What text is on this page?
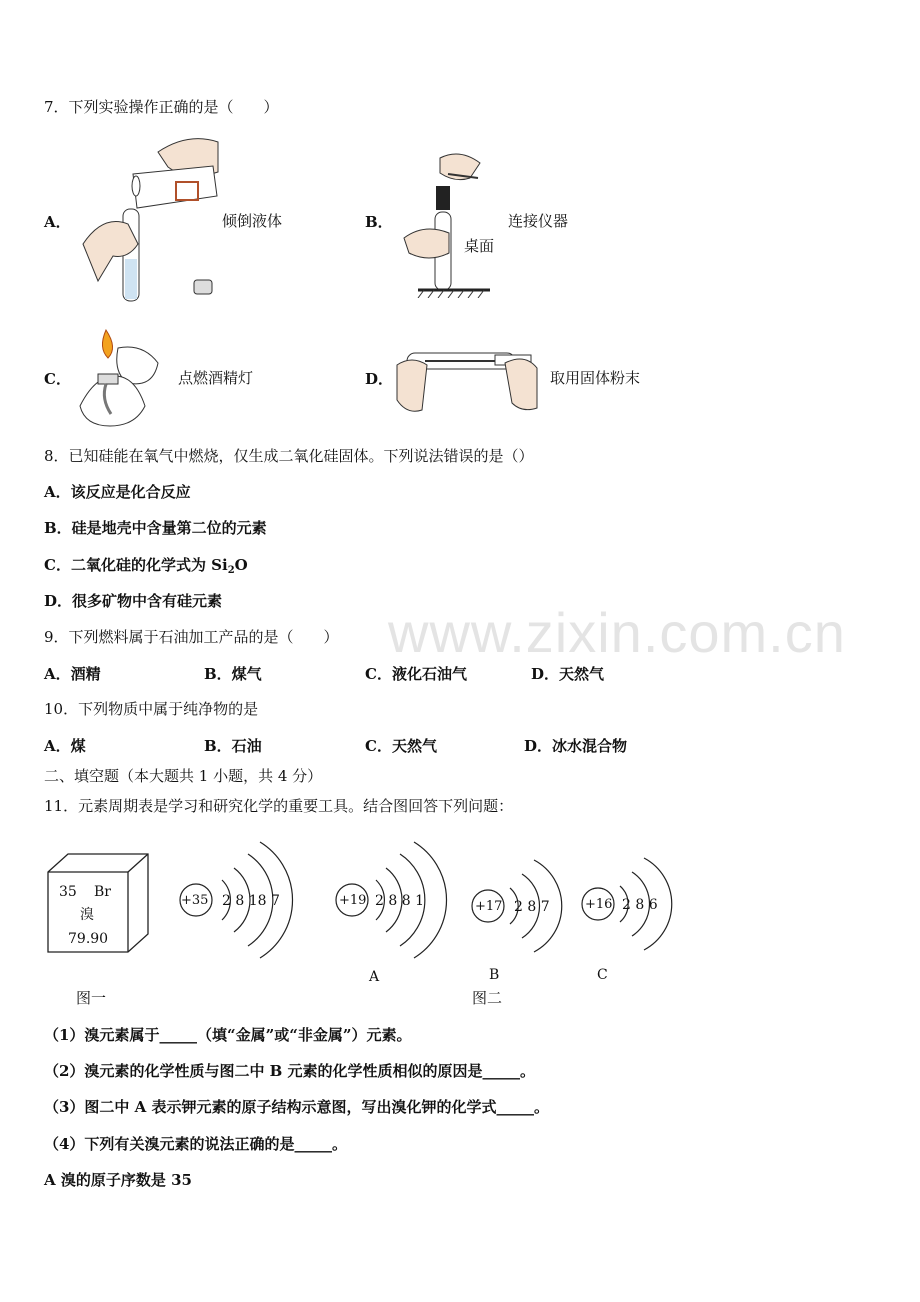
www.zixin.com.cn
7．下列实验操作正确的是（　　）
A．	倾倒液体	B．
桌面
连接仪器
C．	点燃酒精灯	D．	取用固体粉末
8．已知硅能在氧气中燃烧，仅生成二氧化硅固体。下列说法错误的是（）
A．该反应是化合反应
B．硅是地壳中含量第二位的元素
C．二氧化硅的化学式为 $Si_2O$
D．很多矿物中含有硅元素
9．下列燃料属于石油加工产品的是（　　）
A．酒精	B．煤气	C．液化石油气	D．天然气
10．下列物质中属于纯净物的是
A．煤	B．石油	C．天然气	D．冰水混合物
二、填空题（本大题共 1 小题，共 4 分）
11．元素周期表是学习和研究化学的重要工具。结合图回答下列问题：
35 Br
溴
79.90
图一
+35 2 8 18 7	+19 2 8 8 1
A
+17 2 8 7
B
+16 2 8 6
C
图二
（1）溴元素属于_____（填“金属”或“非金属”）元素。
（2）溴元素的化学性质与图二中 B 元素的化学性质相似的原因是_____。
（3）图二中 A 表示钾元素的原子结构示意图，写出溴化钾的化学式_____。
（4）下列有关溴元素的说法正确的是_____。
A 溴的原子序数是 35
